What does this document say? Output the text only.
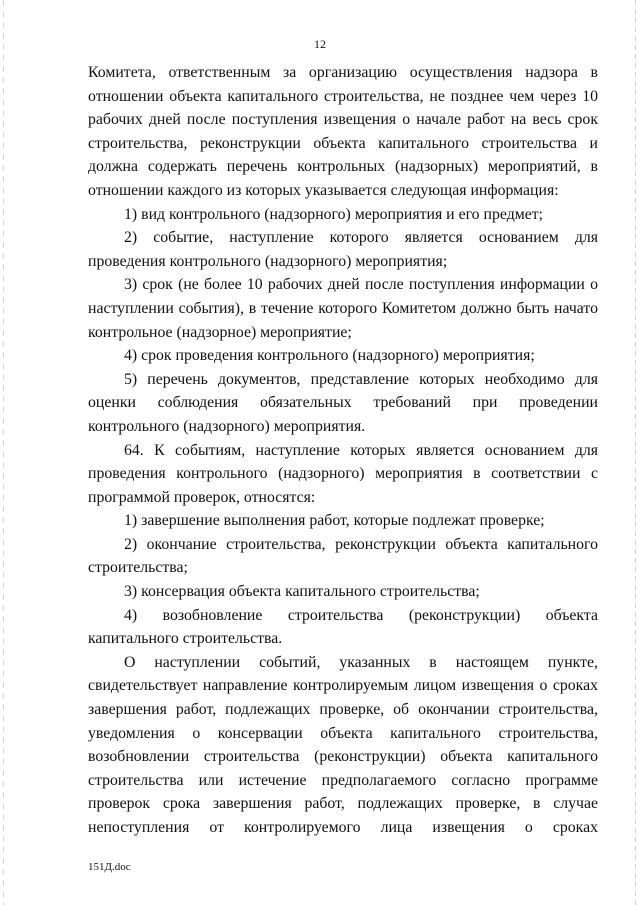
12

Комитета, ответственным за организацию осуществления надзора в отношении объекта капитального строительства, не позднее чем через 10 рабочих дней после поступления извещения о начале работ на весь срок строительства, реконструкции объекта капитального строительства и должна содержать перечень контрольных (надзорных) мероприятий, в отношении каждого из которых указывается следующая информация:

1) вид контрольного (надзорного) мероприятия и его предмет;

2) событие, наступление которого является основанием для проведения контрольного (надзорного) мероприятия;

3) срок (не более 10 рабочих дней после поступления информации о наступлении события), в течение которого Комитетом должно быть начато контрольное (надзорное) мероприятие;

4) срок проведения контрольного (надзорного) мероприятия;

5) перечень документов, представление которых необходимо для оценки соблюдения обязательных требований при проведении контрольного (надзорного) мероприятия.

64. К событиям, наступление которых является основанием для проведения контрольного (надзорного) мероприятия в соответствии с программой проверок, относятся:

1) завершение выполнения работ, которые подлежат проверке;

2) окончание строительства, реконструкции объекта капитального строительства;

3) консервация объекта капитального строительства;

4) возобновление строительства (реконструкции) объекта капитального строительства.

О наступлении событий, указанных в настоящем пункте, свидетельствует направление контролируемым лицом извещения о сроках завершения работ, подлежащих проверке, об окончании строительства, уведомления о консервации объекта капитального строительства, возобновлении строительства (реконструкции) объекта капитального строительства или истечение предполагаемого согласно программе проверок срока завершения работ, подлежащих проверке, в случае непоступления от контролируемого лица извещения о сроках

151Д.doc
